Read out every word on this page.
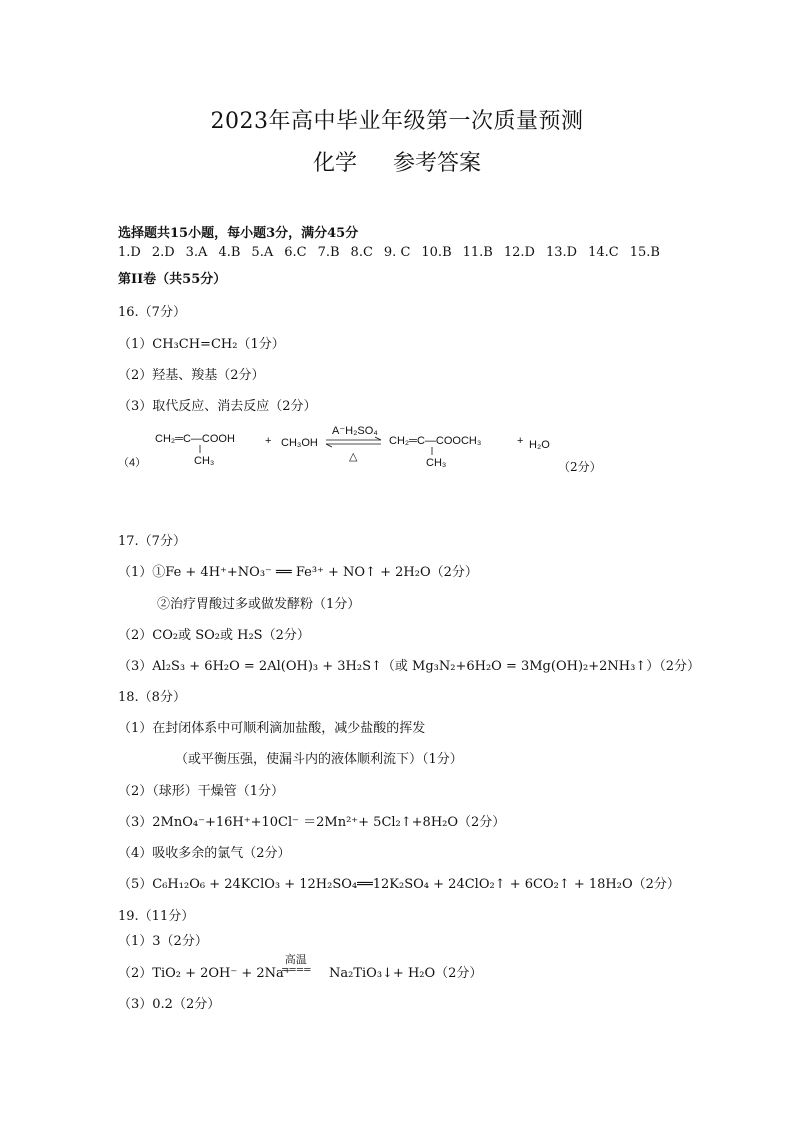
2023年高中毕业年级第一次质量预测
化学 参考答案
选择题共15小题，每小题3分，满分45分
1.D 2.D 3.A 4.B 5.A 6.C 7.B 8.C 9. C 10.B 11.B 12.D 13.D 14.C 15.B
第II卷（共55分）
16.（7分）
（1）CH₃CH=CH₂（1分）
（2）羟基、羧基（2分）
（3）取代反应、消去反应（2分）
（4）
CH₂═C—COOH
CH₃
+ CH₃OH
A⁻H₂SO₄
△
CH₂═C—COOCH₃
CH₃
+ H₂O
（2分）
17.（7分）
（1）①Fe + 4H⁺+NO₃⁻ ══ Fe³⁺ + NO↑ + 2H₂O（2分）
②治疗胃酸过多或做发酵粉（1分）
（2）CO₂或 SO₂或 H₂S（2分）
（3）Al₂S₃ + 6H₂O = 2Al(OH)₃ + 3H₂S↑（或 Mg₃N₂+6H₂O = 3Mg(OH)₂+2NH₃↑）（2分）
18.（8分）
（1）在封闭体系中可顺利滴加盐酸，减少盐酸的挥发
（或平衡压强，使漏斗内的液体顺利流下）（1分）
（2）（球形）干燥管（1分）
（3）2MnO₄⁻+16H⁺+10Cl⁻ ＝2Mn²⁺+ 5Cl₂↑+8H₂O（2分）
（4）吸收多余的氯气（2分）
（5）C₆H₁₂O₆ + 24KClO₃ + 12H₂SO₄══12K₂SO₄ + 24ClO₂↑ + 6CO₂↑ + 18H₂O（2分）
19.（11分）
（1）3（2分）
（2）TiO₂ + 2OH⁻ + 2Na⁺
高温
==== Na₂TiO₃↓+ H₂O（2分）
（3）0.2（2分）
